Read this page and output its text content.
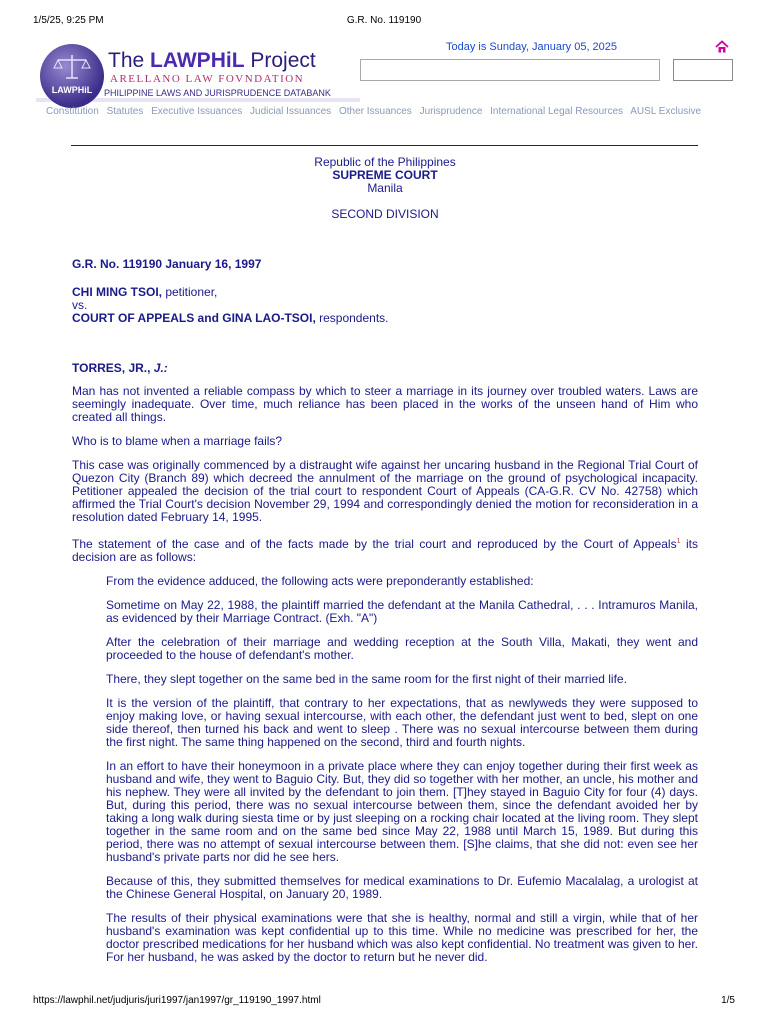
1/5/25, 9:25 PM	G.R. No. 119190
LAWPHiL
The LAWPHiL Project
ARELLANO LAW FOVNDATION
PHILIPPINE LAWS AND JURISPRUDENCE DATABANK
Today is Sunday, January 05, 2025
Constitution Statutes Executive Issuances Judicial Issuances Other Issuances Jurisprudence International Legal Resources AUSL Exclusive
Republic of the Philippines
SUPREME COURT
Manila
SECOND DIVISION
G.R. No. 119190 January 16, 1997
CHI MING TSOI, petitioner,
vs.
COURT OF APPEALS and GINA LAO-TSOI, respondents.
TORRES, JR., J.:

Man has not invented a reliable compass by which to steer a marriage in its journey over troubled waters. Laws are seemingly inadequate. Over time, much reliance has been placed in the works of the unseen hand of Him who created all things.

Who is to blame when a marriage fails?

This case was originally commenced by a distraught wife against her uncaring husband in the Regional Trial Court of Quezon City (Branch 89) which decreed the annulment of the marriage on the ground of psychological incapacity. Petitioner appealed the decision of the trial court to respondent Court of Appeals (CA-G.R. CV No. 42758) which affirmed the Trial Court's decision November 29, 1994 and correspondingly denied the motion for reconsideration in a resolution dated February 14, 1995.

The statement of the case and of the facts made by the trial court and reproduced by the Court of Appeals$^1$ its decision are as follows:

From the evidence adduced, the following acts were preponderantly established:

Sometime on May 22, 1988, the plaintiff married the defendant at the Manila Cathedral, . . . Intramuros Manila, as evidenced by their Marriage Contract. (Exh. "A")

After the celebration of their marriage and wedding reception at the South Villa, Makati, they went and proceeded to the house of defendant's mother.

There, they slept together on the same bed in the same room for the first night of their married life.

It is the version of the plaintiff, that contrary to her expectations, that as newlyweds they were supposed to enjoy making love, or having sexual intercourse, with each other, the defendant just went to bed, slept on one side thereof, then turned his back and went to sleep . There was no sexual intercourse between them during the first night. The same thing happened on the second, third and fourth nights.

In an effort to have their honeymoon in a private place where they can enjoy together during their first week as husband and wife, they went to Baguio City. But, they did so together with her mother, an uncle, his mother and his nephew. They were all invited by the defendant to join them. [T]hey stayed in Baguio City for four (4) days. But, during this period, there was no sexual intercourse between them, since the defendant avoided her by taking a long walk during siesta time or by just sleeping on a rocking chair located at the living room. They slept together in the same room and on the same bed since May 22, 1988 until March 15, 1989. But during this period, there was no attempt of sexual intercourse between them. [S]he claims, that she did not: even see her husband's private parts nor did he see hers.

Because of this, they submitted themselves for medical examinations to Dr. Eufemio Macalalag, a urologist at the Chinese General Hospital, on January 20, 1989.

The results of their physical examinations were that she is healthy, normal and still a virgin, while that of her husband's examination was kept confidential up to this time. While no medicine was prescribed for her, the doctor prescribed medications for her husband which was also kept confidential. No treatment was given to her. For her husband, he was asked by the doctor to return but he never did.

https://lawphil.net/judjuris/juri1997/jan1997/gr_119190_1997.html	1/5
